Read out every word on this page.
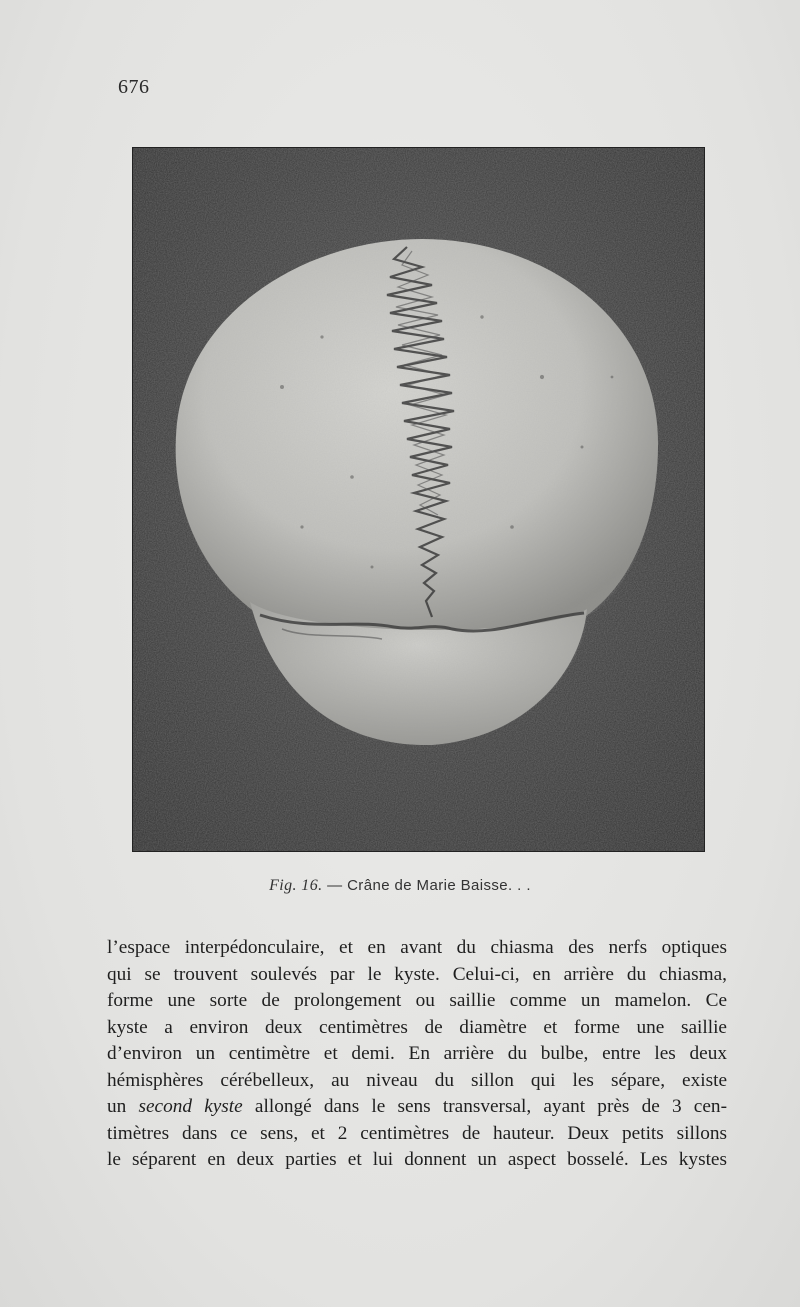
676
Fig. 16. — Crâne de Marie Baisse. . .
l’espace interpédonculaire, et en avant du chiasma des nerfs optiques
qui se trouvent soulevés par le kyste. Celui-ci, en arrière du chiasma,
forme une sorte de prolongement ou saillie comme un mamelon. Ce
kyste a environ deux centimètres de diamètre et forme une saillie
d’environ un centimètre et demi. En arrière du bulbe, entre les deux
hémisphères cérébelleux, au niveau du sillon qui les sépare, existe
un second kyste allongé dans le sens transversal, ayant près de 3 cen-
timètres dans ce sens, et 2 centimètres de hauteur. Deux petits sillons
le séparent en deux parties et lui donnent un aspect bosselé. Les kystes
